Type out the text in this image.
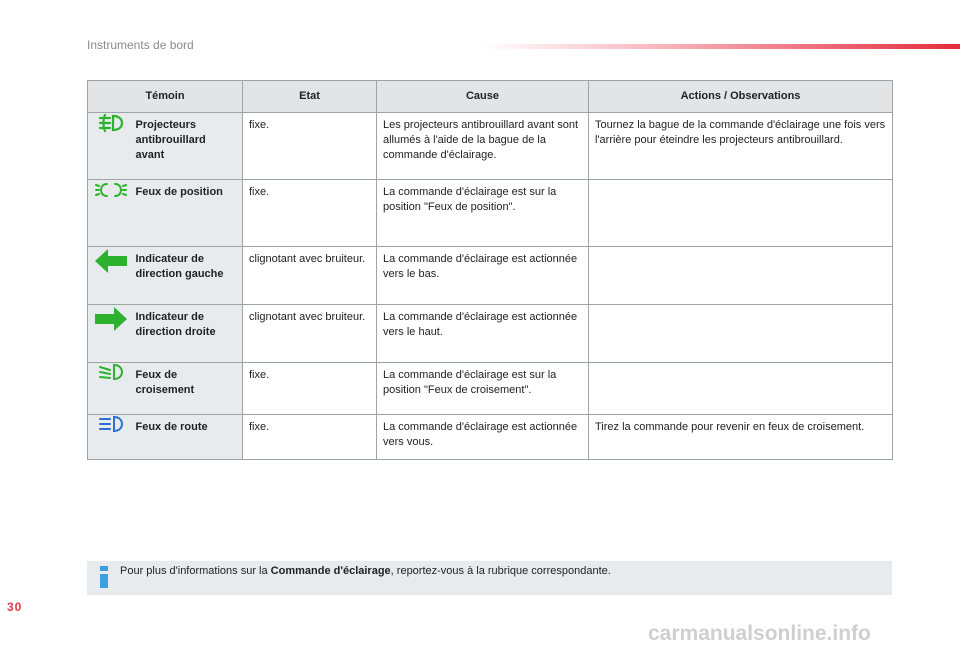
Instruments de bord
Témoin		Etat	Cause	Actions / Observations

	Projecteurs antibrouillard avant	fixe.	Les projecteurs antibrouillard avant sont allumés à l'aide de la bague de la commande d'éclairage.	Tournez la bague de la commande d'éclairage une fois vers l'arrière pour éteindre les projecteurs antibrouillard.

	Feux de position	fixe.	La commande d'éclairage est sur la position "Feux de position".	

	Indicateur de direction gauche	clignotant avec bruiteur.	La commande d'éclairage est actionnée vers le bas.	

	Indicateur de direction droite	clignotant avec bruiteur.	La commande d'éclairage est actionnée vers le haut.	

	Feux de croisement	fixe.	La commande d'éclairage est sur la position "Feux de croisement".	

	Feux de route	fixe.	La commande d'éclairage est actionnée vers vous.	Tirez la commande pour revenir en feux de croisement.
Pour plus d'informations sur la Commande d'éclairage, reportez-vous à la rubrique correspondante.
30
carmanualsonline.info
